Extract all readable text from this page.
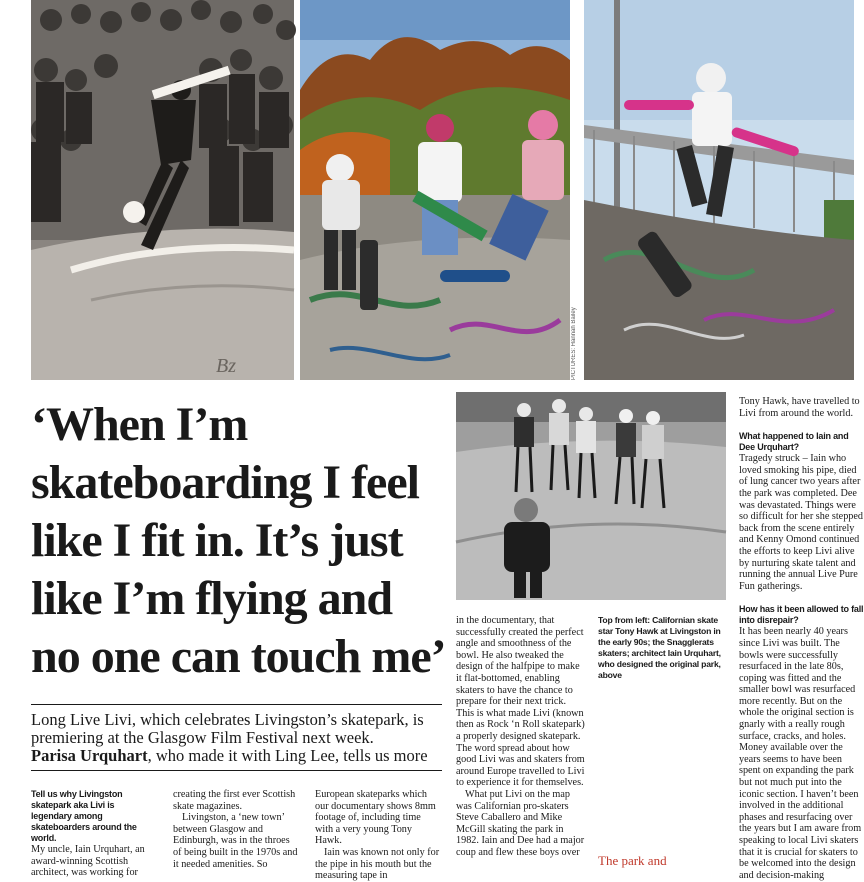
Bz	PICTURES: Hannah Bailey
‘When I’m skateboarding I feel like I fit in. It’s just like I’m flying and no one can touch me’

Long Live Livi, which celebrates Livingston’s skatepark, is premiering at the Glasgow Film Festival next week.
Parisa Urquhart, who made it with Ling Lee, tells us more

Tell us why Livingston skatepark aka Livi is legendary among skateboarders around the world.

My uncle, Iain Urquhart, an award-winning Scottish architect, was working for

creating the first ever Scottish skate magazines.

Livingston, a ‘new town’ between Glasgow and Edinburgh, was in the throes of being built in the 1970s and it needed amenities. So

European skateparks which our documentary shows 8mm footage of, including time with a very young Tony Hawk.

Iain was known not only for the pipe in his mouth but the measuring tape in

Top from left: Californian skate star Tony Hawk at Livingston in the early 90s; the Snagglerats skaters; architect Iain Urquhart, who designed the original park, above

in the documentary, that successfully created the perfect angle and smoothness of the bowl. He also tweaked the design of the halfpipe to make it flat-bottomed, enabling skaters to have the chance to prepare for their next trick. This is what made Livi (known then as Rock ‘n Roll skatepark) a properly designed skatepark. The word spread about how good Livi was and skaters from around Europe travelled to Livi to experience it for themselves.

What put Livi on the map was Californian pro-skaters Steve Caballero and Mike McGill skating the park in 1982. Iain and Dee had a major coup and flew these boys over

The park and

Tony Hawk, have travelled to Livi from around the world.

What happened to Iain and Dee Urquhart?

Tragedy struck – Iain who loved smoking his pipe, died of lung cancer two years after the park was completed. Dee was devastated. Things were so difficult for her she stepped back from the scene entirely and Kenny Omond continued the efforts to keep Livi alive by nurturing skate talent and running the annual Live Pure Fun gatherings.

How has it been allowed to fall into disrepair?

It has been nearly 40 years since Livi was built. The bowls were successfully resurfaced in the late 80s, coping was fitted and the smaller bowl was resurfaced more recently. But on the whole the original section is gnarly with a really rough surface, cracks, and holes. Money available over the years seems to have been spent on expanding the park but not much put into the iconic section. I haven’t been involved in the additional phases and resurfacing over the years but I am aware from speaking to local Livi skaters that it is crucial for skaters to be welcomed into the design and decision-making
